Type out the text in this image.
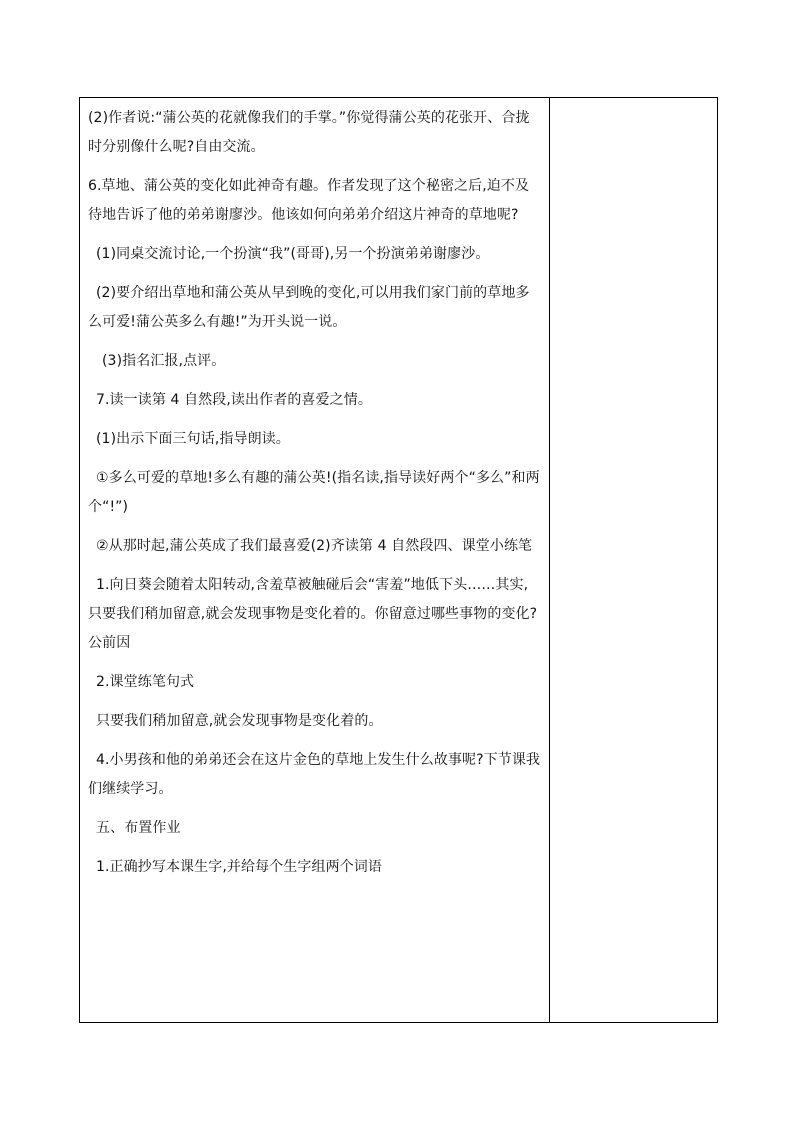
(2)作者说:“蒲公英的花就像我们的手掌。”你觉得蒲公英的花张开、合拢时分别像什么呢?自由交流。

6.草地、蒲公英的变化如此神奇有趣。作者发现了这个秘密之后,迫不及待地告诉了他的弟弟谢廖沙。他该如何向弟弟介绍这片神奇的草地呢?

(1)同桌交流讨论,一个扮演“我”(哥哥),另一个扮演弟弟谢廖沙。

(2)要介绍出草地和蒲公英从早到晚的变化,可以用我们家门前的草地多么可爱!蒲公英多么有趣!”为开头说一说。

(3)指名汇报,点评。

7.读一读第 4 自然段,读出作者的喜爱之情。

(1)出示下面三句话,指导朗读。

①多么可爱的草地!多么有趣的蒲公英!(指名读,指导读好两个“多么”和两个“!”)

②从那时起,蒲公英成了我们最喜爱(2)齐读第 4 自然段四、课堂小练笔

1.向日葵会随着太阳转动,含羞草被触碰后会“害羞”地低下头……其实,只要我们稍加留意,就会发现事物是变化着的。你留意过哪些事物的变化?公前因

2.课堂练笔句式

只要我们稍加留意,就会发现事物是变化着的。

4.小男孩和他的弟弟还会在这片金色的草地上发生什么故事呢?下节课我们继续学习。

五、布置作业

1.正确抄写本课生字,并给每个生字组两个词语
